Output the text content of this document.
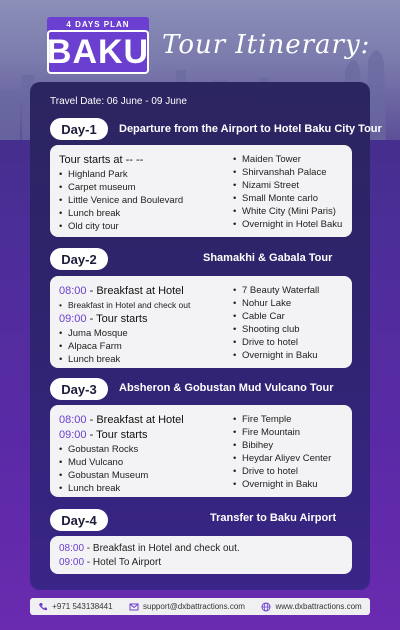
4 DAYS PLAN
BAKU Tour Itinerary:
Travel Date: 06 June - 09 June
Day-1	Departure from the Airport to Hotel Baku City Tour
Tour starts at -- --
• Highland Park
• Carpet museum
• Little Venice and Boulevard
• Lunch break
• Old city tour
• Maiden Tower
• Shirvanshah Palace
• Nizami Street
• Small Monte carlo
• White City (Mini Paris)
• Overnight in Hotel Baku
Day-2	Shamakhi & Gabala Tour
08:00 - Breakfast at Hotel
• Breakfast in Hotel and check out
09:00 - Tour starts
• Juma Mosque
• Alpaca Farm
• Lunch break
• 7 Beauty Waterfall
• Nohur Lake
• Cable Car
• Shooting club
• Drive to hotel
• Overnight in Baku
Day-3	Absheron & Gobustan Mud Vulcano Tour
08:00 - Breakfast at Hotel
09:00 - Tour starts
• Gobustan Rocks
• Mud Vulcano
• Gobustan Museum
• Lunch break
• Fire Temple
• Fire Mountain
• Bibihey
• Heydar Aliyev Center
• Drive to hotel
• Overnight in Baku
Day-4	Transfer to Baku Airport
08:00 - Breakfast in Hotel and check out.
09:00 - Hotel To Airport
+971 543138441	support@dxbattractions.com	www.dxbattractions.com
